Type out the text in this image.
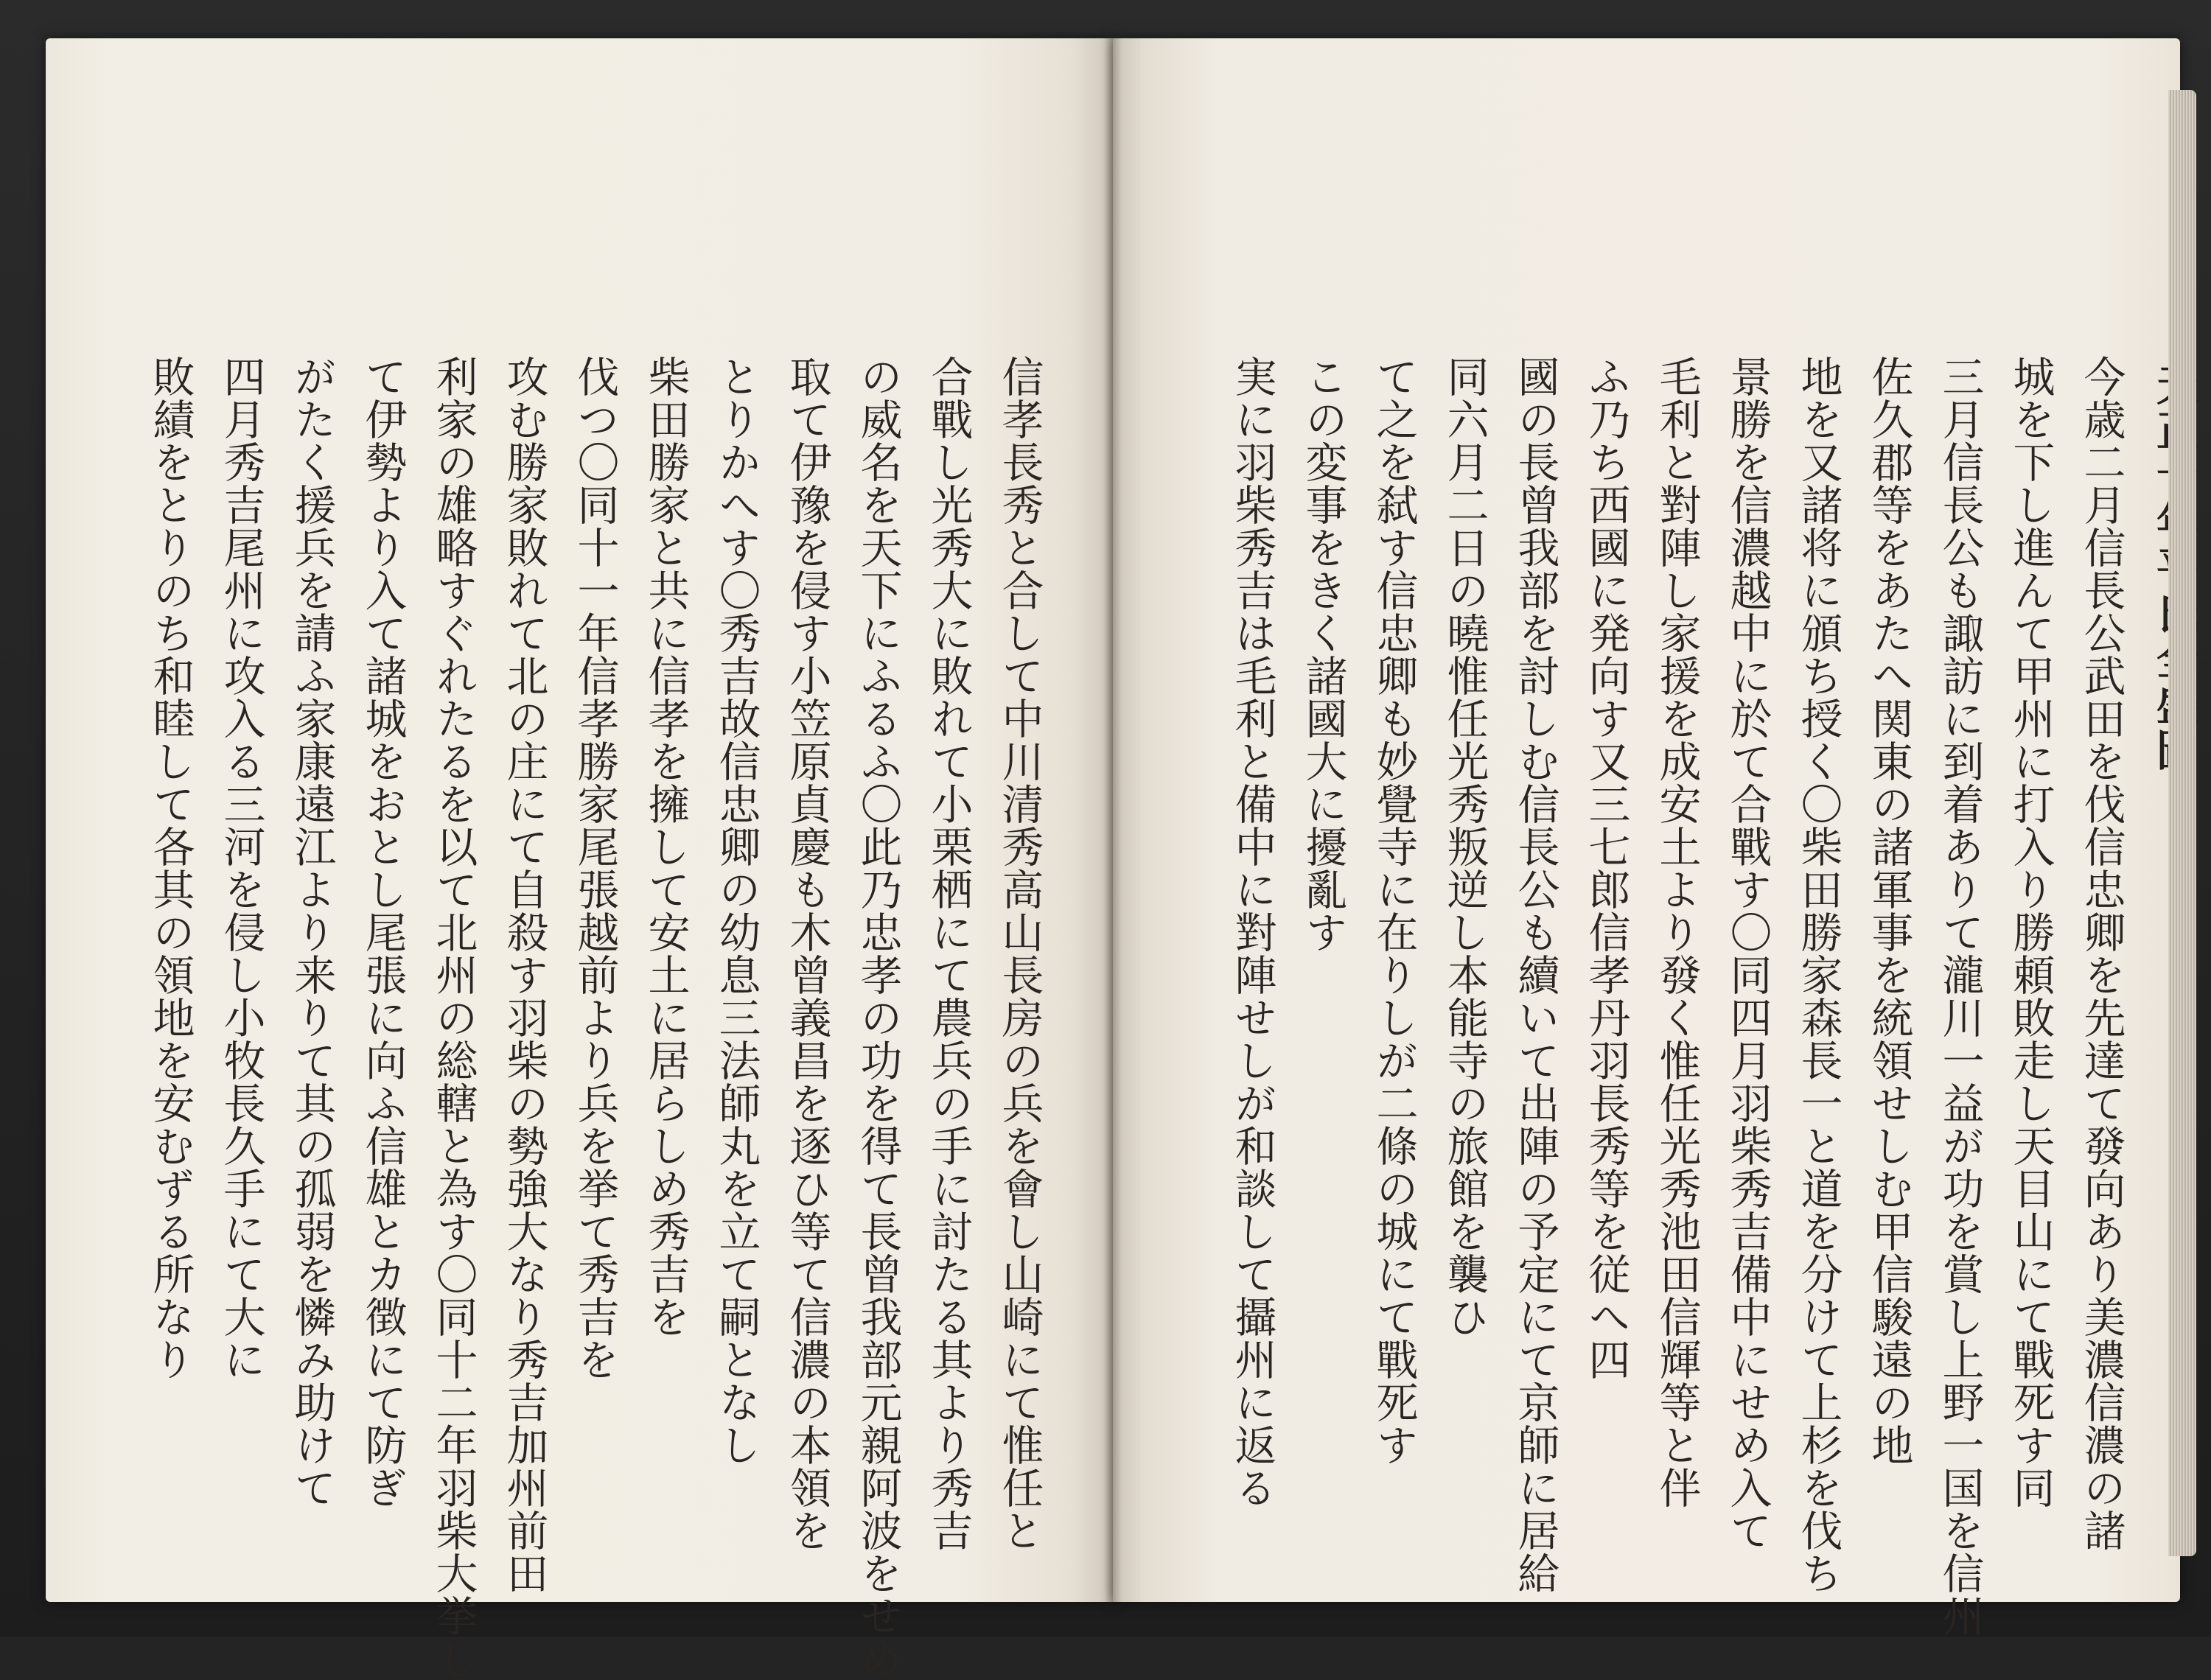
信孝長秀と合して中川清秀高山長房の兵を會し山崎にて惟任と
合戰し光秀大に敗れて小栗栖にて農兵の手に討たる其より秀吉
の威名を天下にふるふ〇此乃忠孝の功を得て長曾我部元親阿波をせめ
取て伊豫を侵す小笠原貞慶も木曾義昌を逐ひ等て信濃の本領を
とりかへす〇秀吉故信忠卿の幼息三法師丸を立て嗣となし
柴田勝家と共に信孝を擁して安土に居らしめ秀吉を
伐つ〇同十一年信孝勝家尾張越前より兵を挙て秀吉を
攻む勝家敗れて北の庄にて自殺す羽柴の勢強大なり秀吉加州前田
利家の雄略すぐれたるを以て北州の総轄と為す〇同十二年羽柴大挙し
て伊勢より入て諸城をおとし尾張に向ふ信雄とカ徴にて防ぎ
がたく援兵を請ふ家康遠江より来りて其の孤弱を憐み助けて
四月秀吉尾州に攻入る三河を侵し小牧長久手にて大に
敗績をとりのち和睦して各其の領地を安むずる所なり	今歳二月信長公武田を伐信忠卿を先達て發向あり美濃信濃の諸
城を下し進んて甲州に打入り勝頼敗走し天目山にて戰死す同
三月信長公も諏訪に到着ありて瀧川一益が功を賞し上野一国を信州
佐久郡等をあたへ関東の諸軍事を統領せしむ甲信駿遠の地
地を又諸将に頒ち授く〇柴田勝家森長一と道を分けて上杉を伐ち
景勝を信濃越中に於て合戰す〇同四月羽柴秀吉備中にせめ入て
毛利と對陣し家援を成安土より發く惟任光秀池田信輝等と伴
ふ乃ち西國に発向す又三七郎信孝丹羽長秀等を従へ四
國の長曾我部を討しむ信長公も續いて出陣の予定にて京師に居給
同六月二日の曉惟任光秀叛逆し本能寺の旅館を襲ひ
て之を弑す信忠卿も妙覺寺に在りしが二條の城にて戰死す
この変事をきく諸國大に擾亂す
実に羽柴秀吉は毛利と備中に對陣せしが和談して攝州に返る
